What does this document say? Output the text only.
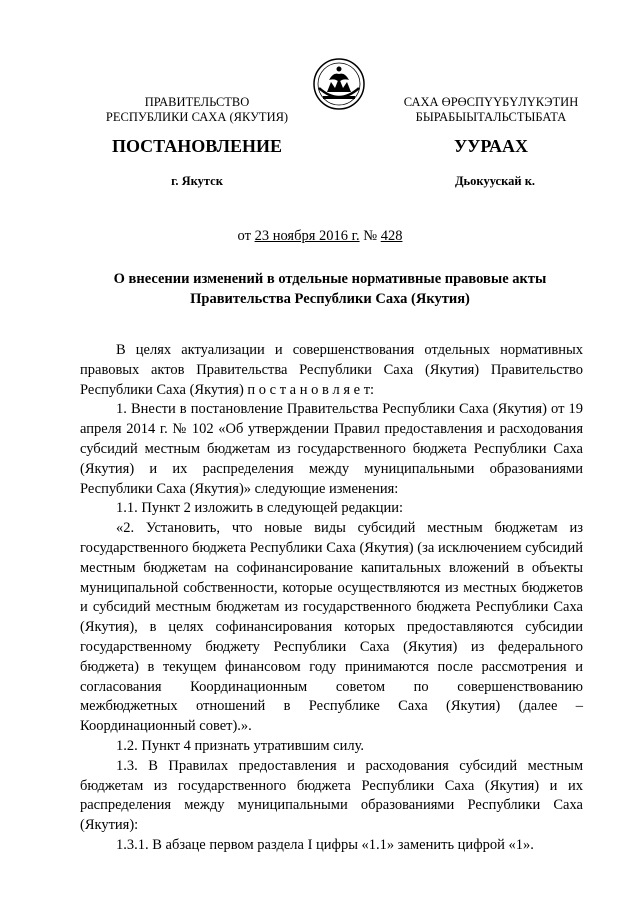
ПРАВИТЕЛЬСТВО
РЕСПУБЛИКИ САХА (ЯКУТИЯ)
САХА ӨРӨСПҮҮБҮЛҮКЭТИН
БЫРАБЫЫТАЛЬСТЫБАТА
ПОСТАНОВЛЕНИЕ	УУРААХ
г. Якутск	Дьокуускай к.
от 23 ноября 2016 г. № 428
О внесении изменений в отдельные нормативные правовые акты
Правительства Республики Саха (Якутия)

В целях актуализации и совершенствования отдельных нормативных правовых актов Правительства Республики Саха (Якутия) Правительство Республики Саха (Якутия) п о с т а н о в л я е т:

1. Внести в постановление Правительства Республики Саха (Якутия) от 19 апреля 2014 г. № 102 «Об утверждении Правил предоставления и расходования субсидий местным бюджетам из государственного бюджета Республики Саха (Якутия) и их распределения между муниципальными образованиями Республики Саха (Якутия)» следующие изменения:

1.1. Пункт 2 изложить в следующей редакции:

«2. Установить, что новые виды субсидий местным бюджетам из государственного бюджета Республики Саха (Якутия) (за исключением субсидий местным бюджетам на софинансирование капитальных вложений в объекты муниципальной собственности, которые осуществляются из местных бюджетов и субсидий местным бюджетам из государственного бюджета Республики Саха (Якутия), в целях софинансирования которых предоставляются субсидии государственному бюджету Республики Саха (Якутия) из федерального бюджета) в текущем финансовом году принимаются после рассмотрения и согласования Координационным советом по совершенствованию межбюджетных отношений в Республике Саха (Якутия) (далее – Координационный совет).».

1.2. Пункт 4 признать утратившим силу.

1.3. В Правилах предоставления и расходования субсидий местным бюджетам из государственного бюджета Республики Саха (Якутия) и их распределения между муниципальными образованиями Республики Саха (Якутия):

1.3.1. В абзаце первом раздела I цифры «1.1» заменить цифрой «1».
